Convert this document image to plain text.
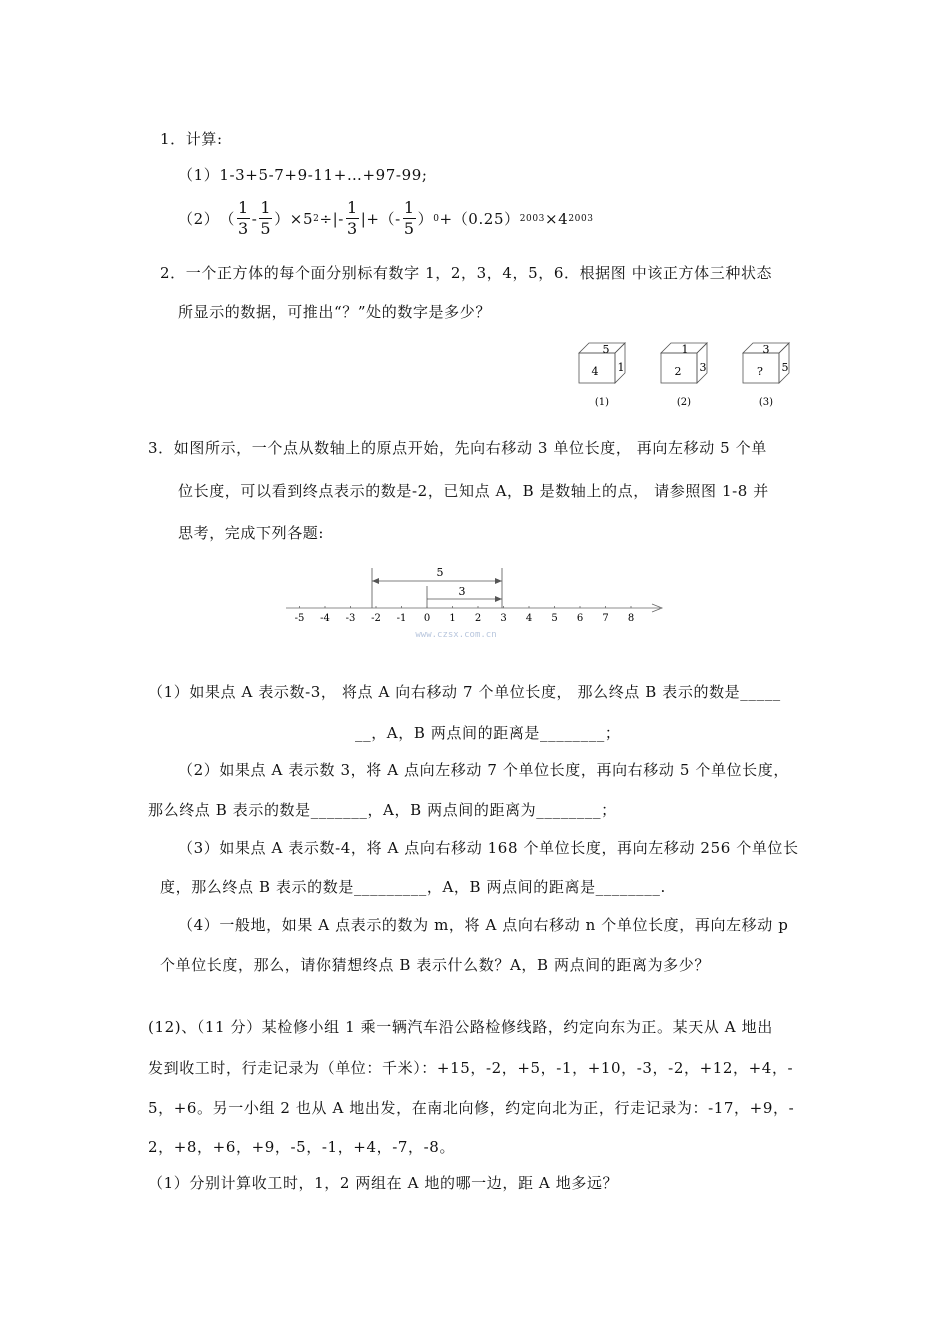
1．计算:
（1）1-3+5-7+9-11+…+97-99;
（2） （ $\frac{1}{3} - \frac{1}{5} )\times 5$ 2 ÷|- $\frac{1}{3}$ |+（- $\frac{1}{5}$ ） 0 +（0.25） 2003 ×4 2003
2．一个正方体的每个面分别标有数字 1，2，3，4，5，6．根据图 中该正方体三种状态
所显示的数据，可推出“？”处的数字是多少？
5
4 1
(1)
1
2 3
(2)
3
? 5
(3)
3．如图所示，一个点从数轴上的原点开始，先向右移动 3 单位长度， 再向左移动 5 个单
位长度，可以看到终点表示的数是-2，已知点 A，B 是数轴上的点， 请参照图 1-8 并
思考，完成下列各题:
5
3
-5 -4 -3 -2 -1 0 1 2 3 4 5 6 7 8
www.czsx.com.cn
（1）如果点 A 表示数-3， 将点 A 向右移动 7 个单位长度， 那么终点 B 表示的数是_____
__，A，B 两点间的距离是________；
（2）如果点 A 表示数 3，将 A 点向左移动 7 个单位长度，再向右移动 5 个单位长度，
那么终点 B 表示的数是_______，A，B 两点间的距离为________；
（3）如果点 A 表示数-4，将 A 点向右移动 168 个单位长度，再向左移动 256 个单位长
度，那么终点 B 表示的数是_________，A，B 两点间的距离是________.
（4）一般地，如果 A 点表示的数为 m，将 A 点向右移动 n 个单位长度，再向左移动 p
个单位长度，那么，请你猜想终点 B 表示什么数？A，B 两点间的距离为多少？
(12)、（11 分）某检修小组 1 乘一辆汽车沿公路检修线路，约定向东为正。某天从 A 地出
发到收工时，行走记录为（单位：千米）：+15，-2，+5，-1，+10，-3，-2，+12，+4，-
5，+6。另一小组 2 也从 A 地出发，在南北向修，约定向北为正，行走记录为：-17，+9，-
2，+8，+6，+9，-5，-1，+4，-7，-8。
（1）分别计算收工时，1，2 两组在 A 地的哪一边，距 A 地多远？
